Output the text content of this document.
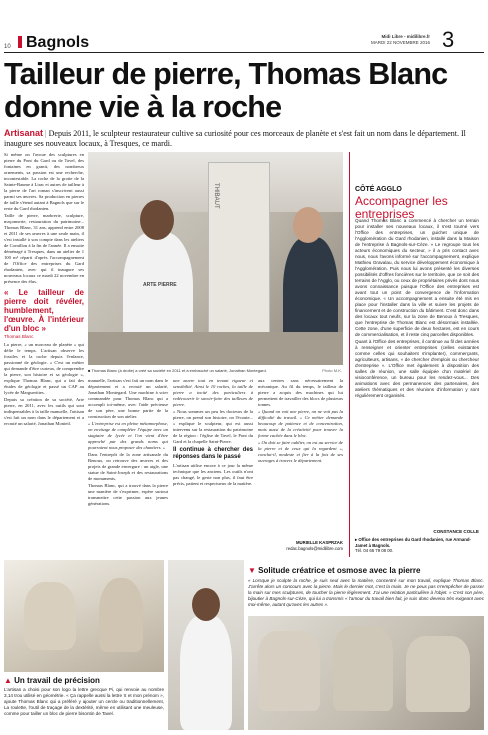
10 Bagnols	Midi Libre - midilibre.fr
MARDI 22 NOVEMBRE 2016 3
Tailleur de pierre, Thomas Blanc donne vie à la roche
Artisanat | Depuis 2011, le sculpteur restaurateur cultive sa curiosité pour ces morceaux de planète et s'est fait un nom dans le département. Il inaugure ses nouveaux locaux, à Tresques, ce mardi.

Si même on l'avoue des sculptures en pierre du Pont du Gard ou de Tavel, des fontaines en granit, des nombreux ornements, sa passion est une recherche, incontestable. La roche de la grotte de la Sainte-Baume à Lirac et autres de tailleur à la pierre de l'art roman s'inscrivent aussi parmi ses œuvres. Sa production en pierres de taille s'étend autant à Bagnols que sur le reste du Gard rhodanien.

Taille de pierre, marbrerie, sculpture, maçonnerie, restauration du patrimoine... Thomas Blanc, 31 ans, apprend entre 2008 et 2011 de ses œuvres à une seule main, il s'est installé à son compte dans les ateliers de Cornillon à la fin de l'année. Il a ensuite déménagé à Tresques, dans un atelier de 1 100 m² réparti d'après l'accompagnement de l'Office des entreprises du Gard rhodanien, avec qui il inaugure ses nouveaux locaux ce mardi 22 novembre en présence des élus.

« Le tailleur de pierre doit révéler, humblement, l'œuvre. À l'intérieur d'un bloc »
Thomas Blanc

La pierre, « un morceau de planète » qui défie le temps. L'artisan observe les fossiles et la roche depuis l'enfance, passionné de géologie. « C'est un métier qui demande d'être curieux, de comprendre la pierre, son histoire et sa géologie », explique Thomas Blanc, qui a fait des études de géologie et passé un CAP au lycée de Marguerittes.

Depuis sa création de sa société, Arte pierre, en 2011, avec les outils qui sont indispensables à la taille manuelle, l'artisan s'est fait un nom dans le département et a recruté un salarié, Jonathan Monteil.

THIBAUT
ARTE PIERRE
■ Thomas Blanc (à droite) a créé sa société en 2011 et a embauché un salarié, Jonathan Montegard.	Photo M.K.

manuelle, l'artisan s'est fait un nom dans le département et a recruté un salarié, Jonathan Montegard. Une machine à scier commandée pour Thomas Blanc qui a accompli toi-même, avec l'aide précieuse de son père, une bonne partie de la construction de son atelier.

« L'entreprise est en pleine métamorphose, on envisage de compléter l'équipe avec un stagiaire de lycée et l'on vient d'être approché par des grands noms qui pourraient nous proposer des chantiers. »

Dans l'entrepôt de la zone artisanale du Benoux, on retrouve des œuvres et des projets de grande envergure : un aigle, une statue de Saint-Joseph et des restaurations de monuments.

Thomas Blanc, qui a trouvé dans la pierre une manière de s'exprimer, espère surtout transmettre cette passion aux jeunes générations.

une œuvre tout en tenant rigueur et sensibilité. Ainsi le 10 roches, la taille de pierre a incité des particuliers à redécouvrir le savoir-faire des tailleurs de pierre.

« Nous sommes un peu les docteurs de la pierre, on prend son histoire, on l'écoute... » explique le sculpteur, qui est aussi intervenu sur la restauration du patrimoine de la région : l'église de Tavel, le Pont du Gard et la chapelle Saint-Pierre.

Il continue à chercher des réponses dans le passé

L'artisan utilise encore à ce jour la même technique que les anciens. Les outils n'ont pas changé, le geste non plus, il faut être précis, patient et respectueux de la matière.

aux centres sans nécessairement la mécanique. Au fil du temps, le tailleur de pierre a acquis des machines qui lui permettent de travailler des blocs de plusieurs tonnes.

« Quand on voit une pierre, on ne voit pas la difficulté du travail. » Ce métier demande beaucoup de patience et de concentration, mais aussi de la créativité pour trouver la forme cachée dans le bloc.

« On doit se faire oublier, on est au service de la pierre et de ceux qui la regardent », conclut-il, modeste et fier à la fois de ses ouvrages à travers le département.

MURIELLE KASPRZAK
redac.bagnols@midilibre.com
CÔTÉ AGGLO
Accompagner les entreprises

Quand Thomas Blanc a commencé à chercher un terrain pour installer ses nouveaux locaux, il s'est tourné vers l'Office des entreprises, un guichet unique de l'Agglomération du Gard rhodanien, installé dans la Maison de l'entreprise à Bagnols-sur-Cèze. « Le regroupe tous les acteurs économiques du secteur, » il a pris contact avec nous, nous l'avons informé sur l'accompagnement, explique Mathieu Gravalau, du service développement économique à l'Agglomération. Puis nous lui avons présenté les diverses possibilités d'offres foncières sur le territoire, que ce soit des terrains de l'Agglo, ou ceux de propriétaires privés dont nous avons connaissance puisque l'Office des entreprises est avant tout un point de convergence de l'information économique. « Un accompagnement a ensuite été mis en place pour l'installer dans la ville et suivre les projets de financement et de construction du bâtiment. C'est donc dans des locaux tout neufs, sur la zone de Benoux à Tresques, que l'entreprise de Thomas Blanc est désormais installée. Cette zone, d'une superficie de deux hectares, est en cours de commercialisation, et il reste cinq parcelles disponibles.

Quant à l'Office des entreprises, il continue au fil des années à renseigner et orienter entreprises (celles existantes comme celles qui souhaitent s'implanter), commerçants, agriculteurs, artisans, « de chercher d'emplois ou chercheur d'entreprise ». L'Office met également à disposition des salles de réunion, une salle équipée d'un matériel de visioconférence, un bureau pour les rendez-vous... Des animations avec des permanences des partenaires, des ateliers thématiques et des réunions d'information y sont régulièrement organisés.

CONSTANCE COLLE
▸ Office des entreprises du Gard rhodanien, rue Armand-Jamet à Bagnols.
Tél. 04 66 79 08 00.
▼ Solitude créatrice et osmose avec la pierre
« Lorsque je sculpte la roche, je suis seul avec la matière, concentré sur mon travail, explique Thomas Blanc. J'arrête alors un concours avec la pierre. Mais le dernier mot, c'est la main. Je ne peux pas m'empêcher de passer la main sur mes sculptures, de toucher la pierre légèrement. J'ai une relation particulière à l'objet. » C'est son père, bijoutier à Bagnols-sur-Cèze, qui lui a transmis « l'amour du travail bien fait, je suis donc devenu très exigeant avec moi-même, autant qu'avec les autres ».
▲ Un travail de précision
L'artisan a choisi pour son logo la lettre grecque Pi, qui renvoie au nombre 3,14 trou utilisé en géométrie. « Ça rappelle aussi la lettre π et mon prénom », ajoute Thomas Blanc qui a préféré y ajouter un cercle ou traditionnellement, La roulette, l'outil de traçage de la dextérité, même en utilisant une meuleuse, comme pour tailler un bloc de pierre bisontin de Tavel.
